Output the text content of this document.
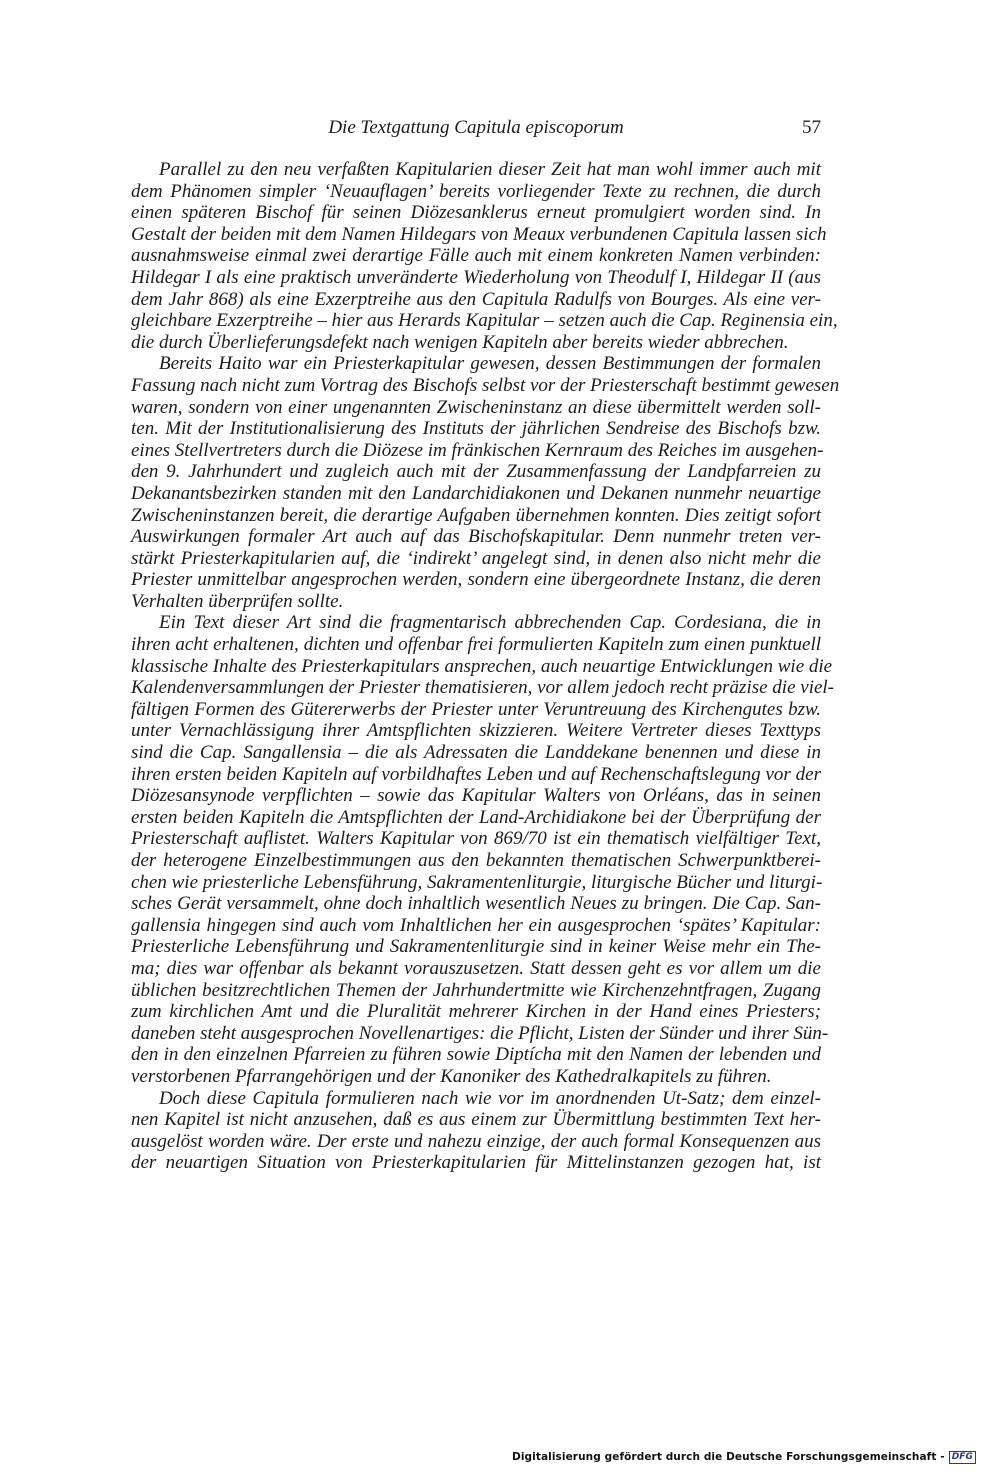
Die Textgattung Capitula episcoporum	57
Parallel zu den neu verfaßten Kapitularien dieser Zeit hat man wohl immer auch mit
dem Phänomen simpler ‘Neuauflagen’ bereits vorliegender Texte zu rechnen, die durch
einen späteren Bischof für seinen Diözesanklerus erneut promulgiert worden sind. In
Gestalt der beiden mit dem Namen Hildegars von Meaux verbundenen Capitula lassen sich
ausnahmsweise einmal zwei derartige Fälle auch mit einem konkreten Namen verbinden:
Hildegar I als eine praktisch unveränderte Wiederholung von Theodulf I, Hildegar II (aus
dem Jahr 868) als eine Exzerptreihe aus den Capitula Radulfs von Bourges. Als eine ver-
gleichbare Exzerptreihe – hier aus Herards Kapitular – setzen auch die Cap. Reginensia ein,
die durch Überlieferungsdefekt nach wenigen Kapiteln aber bereits wieder abbrechen.
Bereits Haito war ein Priesterkapitular gewesen, dessen Bestimmungen der formalen
Fassung nach nicht zum Vortrag des Bischofs selbst vor der Priesterschaft bestimmt gewesen
waren, sondern von einer ungenannten Zwischeninstanz an diese übermittelt werden soll-
ten. Mit der Institutionalisierung des Instituts der jährlichen Sendreise des Bischofs bzw.
eines Stellvertreters durch die Diözese im fränkischen Kernraum des Reiches im ausgehen-
den 9. Jahrhundert und zugleich auch mit der Zusammenfassung der Landpfarreien zu
Dekanantsbezirken standen mit den Landarchidiakonen und Dekanen nunmehr neuartige
Zwischeninstanzen bereit, die derartige Aufgaben übernehmen konnten. Dies zeitigt sofort
Auswirkungen formaler Art auch auf das Bischofskapitular. Denn nunmehr treten ver-
stärkt Priesterkapitularien auf, die ‘indirekt’ angelegt sind, in denen also nicht mehr die
Priester unmittelbar angesprochen werden, sondern eine übergeordnete Instanz, die deren
Verhalten überprüfen sollte.
Ein Text dieser Art sind die fragmentarisch abbrechenden Cap. Cordesiana, die in
ihren acht erhaltenen, dichten und offenbar frei formulierten Kapiteln zum einen punktuell
klassische Inhalte des Priesterkapitulars ansprechen, auch neuartige Entwicklungen wie die
Kalendenversammlungen der Priester thematisieren, vor allem jedoch recht präzise die viel-
fältigen Formen des Gütererwerbs der Priester unter Veruntreuung des Kirchengutes bzw.
unter Vernachlässigung ihrer Amtspflichten skizzieren. Weitere Vertreter dieses Texttyps
sind die Cap. Sangallensia – die als Adressaten die Landdekane benennen und diese in
ihren ersten beiden Kapiteln auf vorbildhaftes Leben und auf Rechenschaftslegung vor der
Diözesansynode verpflichten – sowie das Kapitular Walters von Orléans, das in seinen
ersten beiden Kapiteln die Amtspflichten der Land-Archidiakone bei der Überprüfung der
Priesterschaft auflistet. Walters Kapitular von 869/70 ist ein thematisch vielfältiger Text,
der heterogene Einzelbestimmungen aus den bekannten thematischen Schwerpunktberei-
chen wie priesterliche Lebensführung, Sakramentenliturgie, liturgische Bücher und liturgi-
sches Gerät versammelt, ohne doch inhaltlich wesentlich Neues zu bringen. Die Cap. San-
gallensia hingegen sind auch vom Inhaltlichen her ein ausgesprochen ‘spätes’ Kapitular:
Priesterliche Lebensführung und Sakramentenliturgie sind in keiner Weise mehr ein The-
ma; dies war offenbar als bekannt vorauszusetzen. Statt dessen geht es vor allem um die
üblichen besitzrechtlichen Themen der Jahrhundertmitte wie Kirchenzehntfragen, Zugang
zum kirchlichen Amt und die Pluralität mehrerer Kirchen in der Hand eines Priesters;
daneben steht ausgesprochen Novellenartiges: die Pflicht, Listen der Sünder und ihrer Sün-
den in den einzelnen Pfarreien zu führen sowie Diptícha mit den Namen der lebenden und
verstorbenen Pfarrangehörigen und der Kanoniker des Kathedralkapitels zu führen.
Doch diese Capitula formulieren nach wie vor im anordnenden Ut-Satz; dem einzel-
nen Kapitel ist nicht anzusehen, daß es aus einem zur Übermittlung bestimmten Text her-
ausgelöst worden wäre. Der erste und nahezu einzige, der auch formal Konsequenzen aus
der neuartigen Situation von Priesterkapitularien für Mittelinstanzen gezogen hat, ist
Digitalisierung gefördert durch die Deutsche Forschungsgemeinschaft - DFG
